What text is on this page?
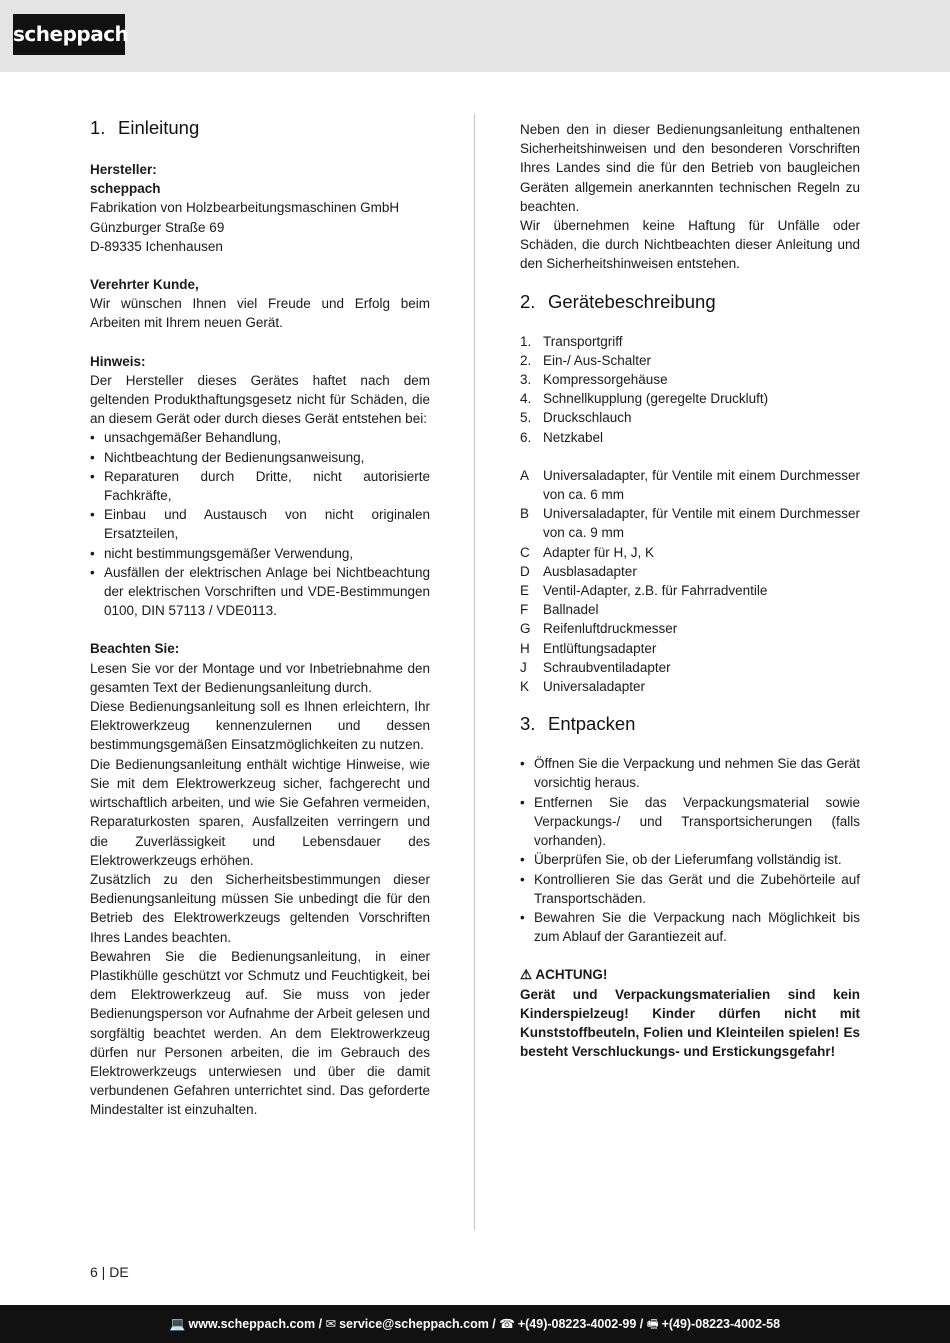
scheppach
1. Einleitung
Hersteller:
scheppach
Fabrikation von Holzbearbeitungsmaschinen GmbH
Günzburger Straße 69
D-89335 Ichenhausen
Verehrter Kunde,

Wir wünschen Ihnen viel Freude und Erfolg beim Arbeiten mit Ihrem neuen Gerät.

Hinweis:

Der Hersteller dieses Gerätes haftet nach dem geltenden Produkthaftungsgesetz nicht für Schäden, die an diesem Gerät oder durch dieses Gerät entstehen bei:

• unsachgemäßer Behandlung,
• Nichtbeachtung der Bedienungsanweisung,
• Reparaturen durch Dritte, nicht autorisierte Fachkräfte,
• Einbau und Austausch von nicht originalen Ersatzteilen,
• nicht bestimmungsgemäßer Verwendung,
• Ausfällen der elektrischen Anlage bei Nichtbeachtung der elektrischen Vorschriften und VDE-Bestimmungen 0100, DIN 57113 / VDE0113.
Beachten Sie:

Lesen Sie vor der Montage und vor Inbetriebnahme den gesamten Text der Bedienungsanleitung durch.

Diese Bedienungsanleitung soll es Ihnen erleichtern, Ihr Elektrowerkzeug kennenzulernen und dessen bestimmungsgemäßen Einsatzmöglichkeiten zu nutzen.

Die Bedienungsanleitung enthält wichtige Hinweise, wie Sie mit dem Elektrowerkzeug sicher, fachgerecht und wirtschaftlich arbeiten, und wie Sie Gefahren vermeiden, Reparaturkosten sparen, Ausfallzeiten verringern und die Zuverlässigkeit und Lebensdauer des Elektrowerkzeugs erhöhen.

Zusätzlich zu den Sicherheitsbestimmungen dieser Bedienungsanleitung müssen Sie unbedingt die für den Betrieb des Elektrowerkzeugs geltenden Vorschriften Ihres Landes beachten.

Bewahren Sie die Bedienungsanleitung, in einer Plastikhülle geschützt vor Schmutz und Feuchtigkeit, bei dem Elektrowerkzeug auf. Sie muss von jeder Bedienungsperson vor Aufnahme der Arbeit gelesen und sorgfältig beachtet werden. An dem Elektrowerkzeug dürfen nur Personen arbeiten, die im Gebrauch des Elektrowerkzeugs unterwiesen und über die damit verbundenen Gefahren unterrichtet sind. Das geforderte Mindestalter ist einzuhalten.

Neben den in dieser Bedienungsanleitung enthaltenen Sicherheitshinweisen und den besonderen Vorschriften Ihres Landes sind die für den Betrieb von baugleichen Geräten allgemein anerkannten technischen Regeln zu beachten.

Wir übernehmen keine Haftung für Unfälle oder Schäden, die durch Nichtbeachten dieser Anleitung und den Sicherheitshinweisen entstehen.

2. Gerätebeschreibung
1. Transportgriff
2. Ein-/ Aus-Schalter
3. Kompressorgehäuse
4. Schnellkupplung (geregelte Druckluft)
5. Druckschlauch
6. Netzkabel
A Universaladapter, für Ventile mit einem Durchmesser von ca. 6 mm
B Universaladapter, für Ventile mit einem Durchmesser von ca. 9 mm
C Adapter für H, J, K
D Ausblasadapter
E Ventil-Adapter, z.B. für Fahrradventile
F Ballnadel
G Reifenluftdruckmesser
H Entlüftungsadapter
J Schraubventiladapter
K Universaladapter
3. Entpacken
• Öffnen Sie die Verpackung und nehmen Sie das Gerät vorsichtig heraus.
• Entfernen Sie das Verpackungsmaterial sowie Verpackungs-/ und Transportsicherungen (falls vorhanden).
• Überprüfen Sie, ob der Lieferumfang vollständig ist.
• Kontrollieren Sie das Gerät und die Zubehörteile auf Transportschäden.
• Bewahren Sie die Verpackung nach Möglichkeit bis zum Ablauf der Garantiezeit auf.
⚠ ACHTUNG!

Gerät und Verpackungsmaterialien sind kein Kinderspielzeug! Kinder dürfen nicht mit Kunststoffbeuteln, Folien und Kleinteilen spielen! Es besteht Verschluckungs- und Erstickungsgefahr!

6 | DE
💻 www.scheppach.com / ✉ service@scheppach.com / ☎ +(49)-08223-4002-99 / 🖷 +(49)-08223-4002-58
